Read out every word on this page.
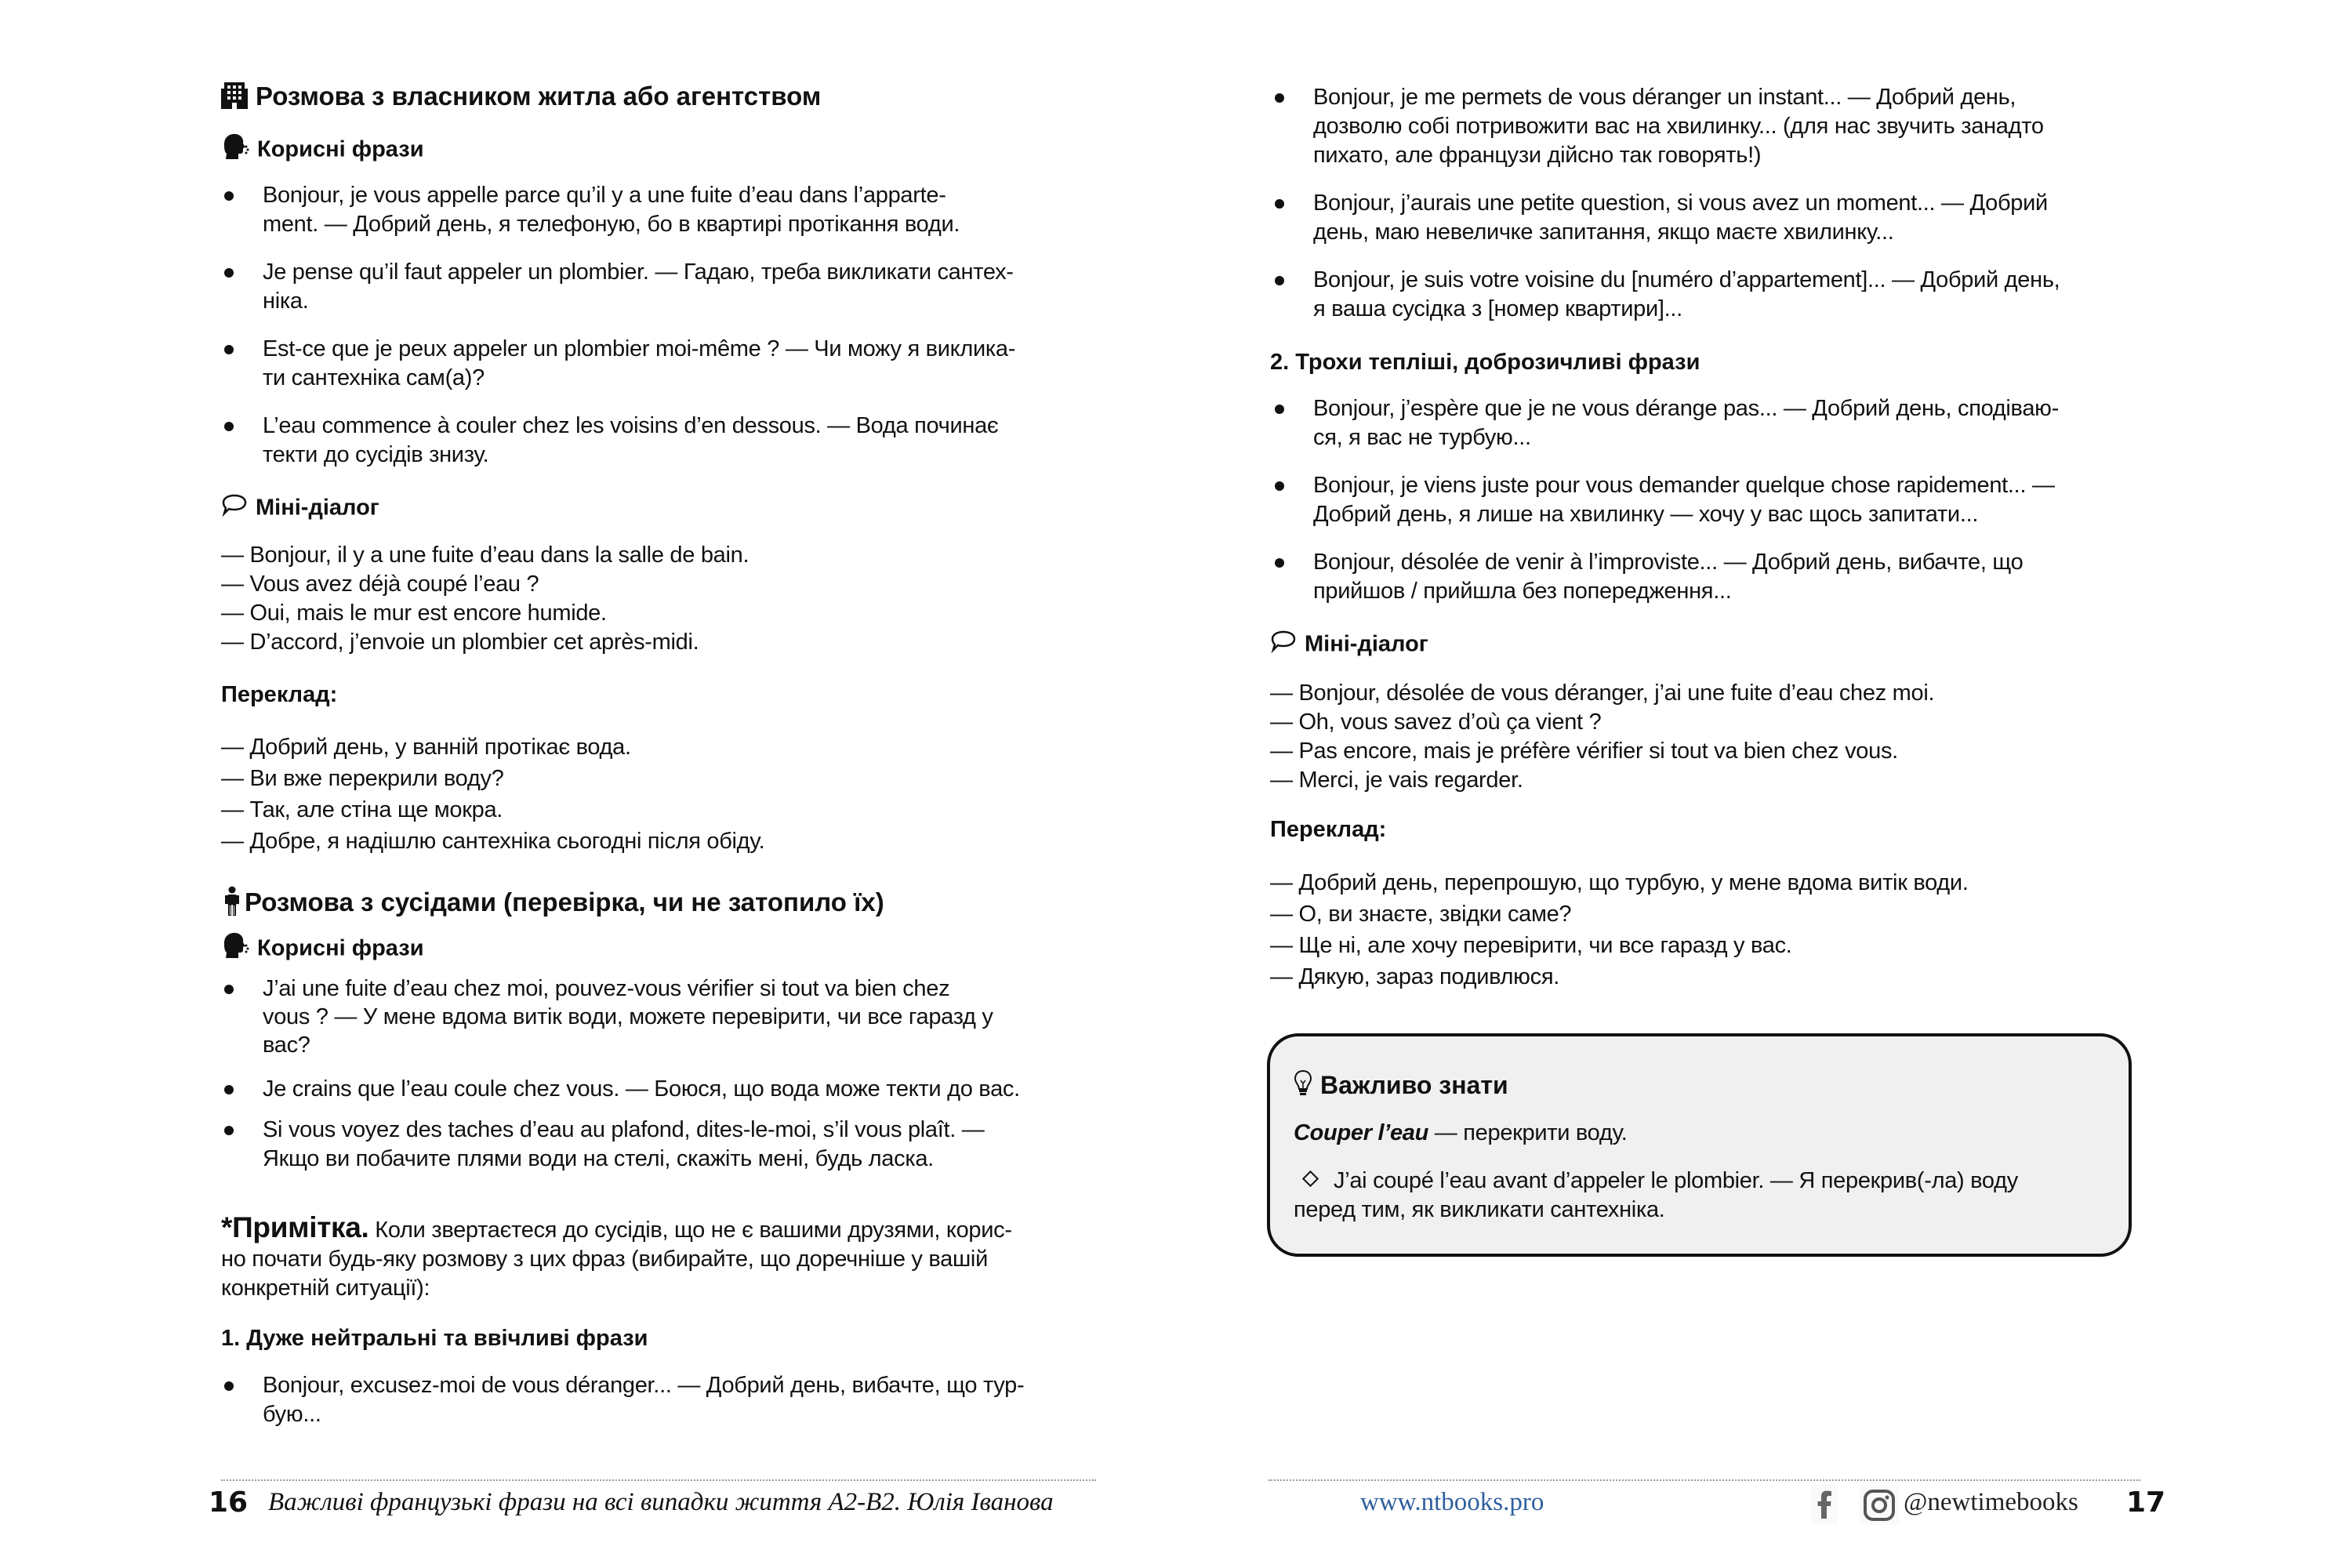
Розмова з власником житла або агентством
Корисні фрази
Bonjour, je vous appelle parce qu’il y a une fuite d’eau dans l’apparte-
ment. — Добрий день, я телефоную, бо в квартирі протікання води.
Je pense qu’il faut appeler un plombier. — Гадаю, треба викликати сантех-
ніка.
Est-ce que je peux appeler un plombier moi-même ? — Чи можу я виклика-
ти сантехніка сам(а)?
L’eau commence à couler chez les voisins d’en dessous. — Вода починає
текти до сусідів знизу.
Міні-діалог
— Bonjour, il y a une fuite d’eau dans la salle de bain.
— Vous avez déjà coupé l’eau ?
— Oui, mais le mur est encore humide.
— D’accord, j’envoie un plombier cet après-midi.
Переклад:
— Добрий день, у ванній протікає вода.
— Ви вже перекрили воду?
— Так, але стіна ще мокра.
— Добре, я надішлю сантехніка сьогодні після обіду.
Розмова з сусідами (перевірка, чи не затопило їх)
Корисні фрази
J’ai une fuite d’eau chez moi, pouvez-vous vérifier si tout va bien chez
vous ? — У мене вдома витік води, можете перевірити, чи все гаразд у
вас?
Je crains que l’eau coule chez vous. — Боюся, що вода може текти до вас.
Si vous voyez des taches d’eau au plafond, dites-le-moi, s’il vous plaît. —
Якщо ви побачите плями води на стелі, скажіть мені, будь ласка.
*Примітка. Коли звертаєтеся до сусідів, що не є вашими друзями, корис-
но почати будь-яку розмову з цих фраз (вибирайте, що доречніше у вашій
конкретній ситуації):
1. Дуже нейтральні та ввічливі фрази
Bonjour, excusez-moi de vous déranger... — Добрий день, вибачте, що тур-
бую...
16 Важливі французькі фрази на всі випадки життя А2-В2. Юлія Іванова
Bonjour, je me permets de vous déranger un instant... — Добрий день,
дозволю собі потривожити вас на хвилинку... (для нас звучить занадто
пихато, але французи дійсно так говорять!)
Bonjour, j’aurais une petite question, si vous avez un moment... — Добрий
день, маю невеличке запитання, якщо маєте хвилинку...
Bonjour, je suis votre voisine du [numéro d’appartement]... — Добрий день,
я ваша сусідка з [номер квартири]...
2. Трохи тепліші, доброзичливі фрази
Bonjour, j’espère que je ne vous dérange pas... — Добрий день, сподіваю-
ся, я вас не турбую...
Bonjour, je viens juste pour vous demander quelque chose rapidement... —
Добрий день, я лише на хвилинку — хочу у вас щось запитати...
Bonjour, désolée de venir à l’improviste... — Добрий день, вибачте, що
прийшов / прийшла без попередження...
Міні-діалог
— Bonjour, désolée de vous déranger, j’ai une fuite d’eau chez moi.
— Oh, vous savez d’où ça vient ?
— Pas encore, mais je préfère vérifier si tout va bien chez vous.
— Merci, je vais regarder.
Переклад:
— Добрий день, перепрошую, що турбую, у мене вдома витік води.
— О, ви знаєте, звідки саме?
— Ще ні, але хочу перевірити, чи все гаразд у вас.
— Дякую, зараз подивлюся.
Важливо знати
Couper l’eau — перекрити воду.
J’ai coupé l’eau avant d’appeler le plombier. — Я перекрив(-ла) воду
перед тим, як викликати сантехніка.
www.ntbooks.pro	@newtimebooks 17
